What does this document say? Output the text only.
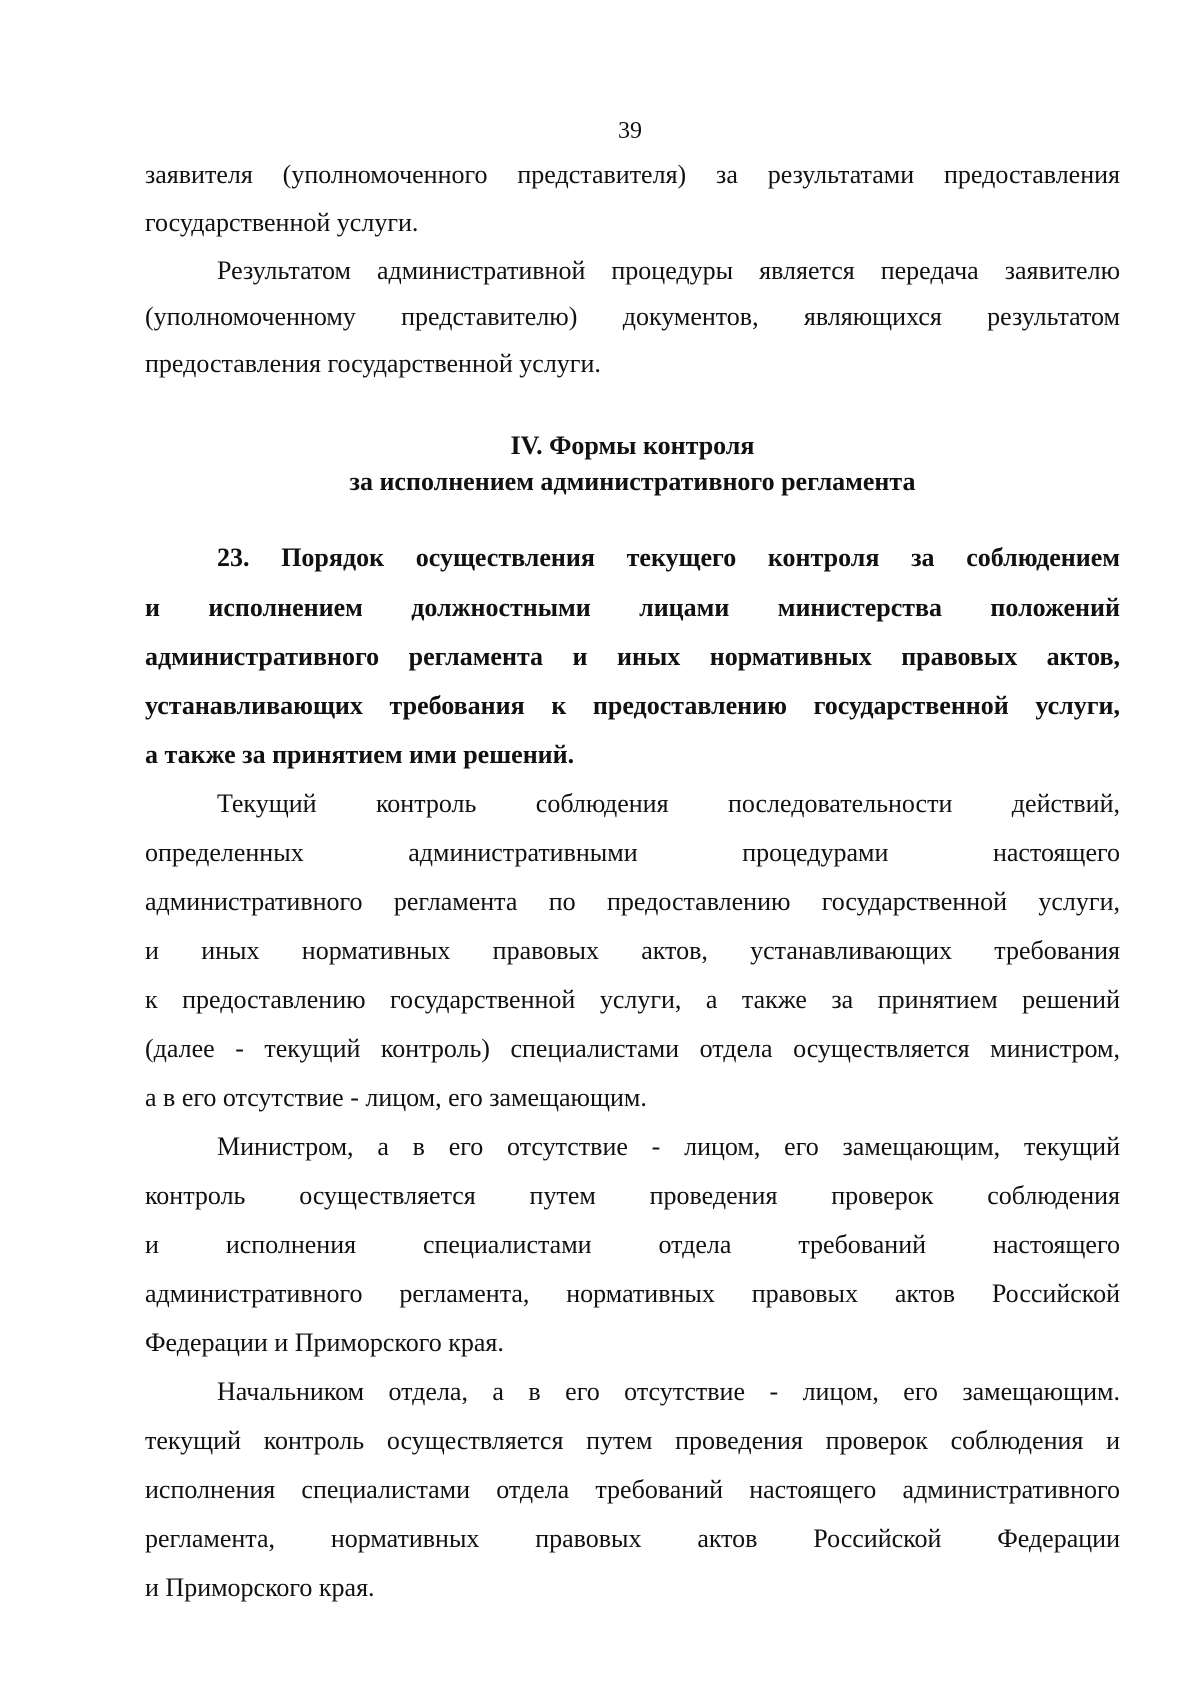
39
заявителя (уполномоченного представителя) за результатами предоставления
государственной услуги.
Результатом административной процедуры является передача заявителю
(уполномоченному представителю) документов, являющихся результатом
предоставления государственной услуги.
IV. Формы контроля
за исполнением административного регламента
23. Порядок осуществления текущего контроля за соблюдением
и исполнением должностными лицами министерства положений
административного регламента и иных нормативных правовых актов,
устанавливающих требования к предоставлению государственной услуги,
а также за принятием ими решений.
Текущий контроль соблюдения последовательности действий,
определенных административными процедурами настоящего
административного регламента по предоставлению государственной услуги,
и иных нормативных правовых актов, устанавливающих требования
к предоставлению государственной услуги, а также за принятием решений
(далее - текущий контроль) специалистами отдела осуществляется министром,
а в его отсутствие - лицом, его замещающим.
Министром, а в его отсутствие - лицом, его замещающим, текущий
контроль осуществляется путем проведения проверок соблюдения
и исполнения специалистами отдела требований настоящего
административного регламента, нормативных правовых актов Российской
Федерации и Приморского края.
Начальником отдела, а в его отсутствие - лицом, его замещающим.
текущий контроль осуществляется путем проведения проверок соблюдения и
исполнения специалистами отдела требований настоящего административного
регламента, нормативных правовых актов Российской Федерации
и Приморского края.
